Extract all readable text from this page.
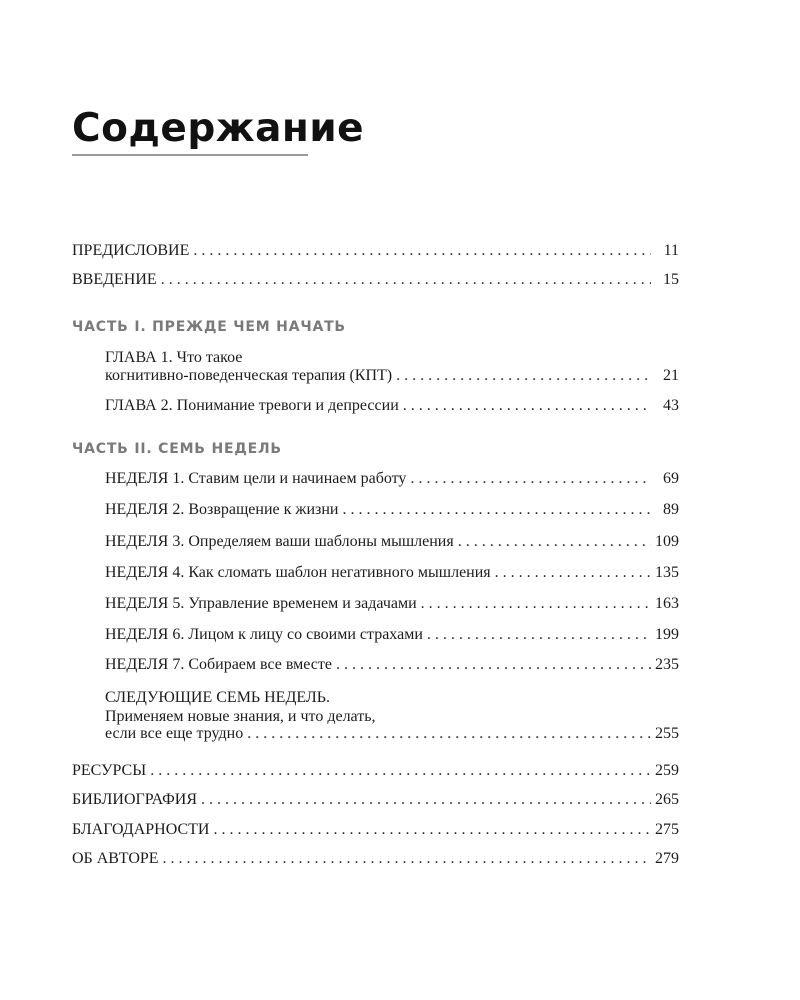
Содержание
ПРЕДИСЛОВИЕ . . .	11
ВВЕДЕНИЕ . . .	15
ЧАСТЬ I. ПРЕЖДЕ ЧЕМ НАЧАТЬ
ГЛАВА 1. Что такое
когнитивно-поведенческая терапия (КПТ) . . .	21
ГЛАВА 2. Понимание тревоги и депрессии . . .	43
ЧАСТЬ II. СЕМЬ НЕДЕЛЬ
НЕДЕЛЯ 1. Ставим цели и начинаем работу . . .	69
НЕДЕЛЯ 2. Возвращение к жизни . . .	89
НЕДЕЛЯ 3. Определяем ваши шаблоны мышления . . .	109
НЕДЕЛЯ 4. Как сломать шаблон негативного мышления . . .	135
НЕДЕЛЯ 5. Управление временем и задачами . . .	163
НЕДЕЛЯ 6. Лицом к лицу со своими страхами . . .	199
НЕДЕЛЯ 7. Собираем все вместе . . .	235
СЛЕДУЮЩИЕ СЕМЬ НЕДЕЛЬ.
Применяем новые знания, и что делать,
если все еще трудно . . .	255
РЕСУРСЫ . . .	259
БИБЛИОГРАФИЯ . . .	265
БЛАГОДАРНОСТИ . . .	275
ОБ АВТОРЕ . . .	279
